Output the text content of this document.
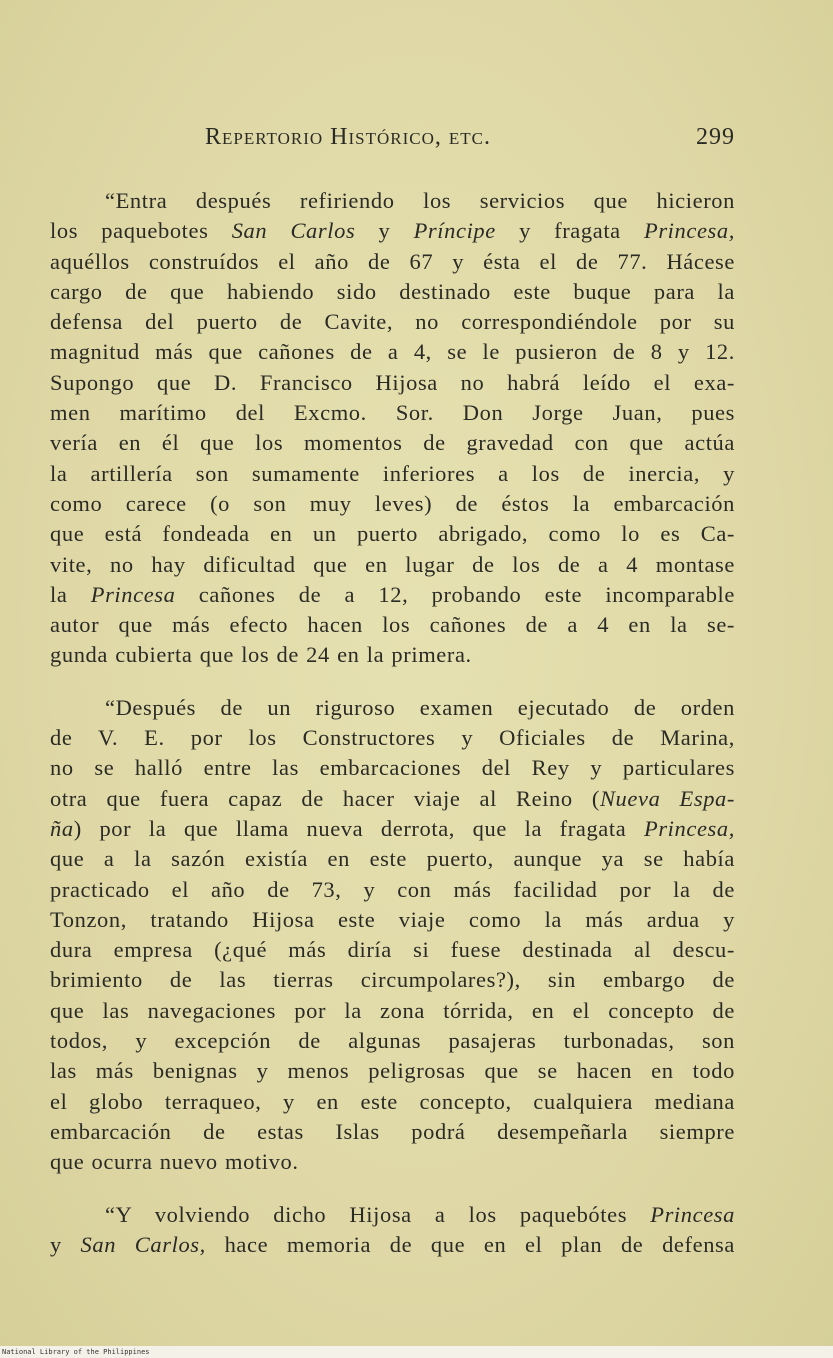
Repertorio Histórico, etc.	299
“Entra después refiriendo los servicios que hicieron
los paquebotes San Carlos y Príncipe y fragata Princesa,
aquéllos construídos el año de 67 y ésta el de 77. Hácese
cargo de que habiendo sido destinado este buque para la
defensa del puerto de Cavite, no correspondiéndole por su
magnitud más que cañones de a 4, se le pusieron de 8 y 12.
Supongo que D. Francisco Hijosa no habrá leído el exa-
men marítimo del Excmo. Sor. Don Jorge Juan, pues
vería en él que los momentos de gravedad con que actúa
la artillería son sumamente inferiores a los de inercia, y
como carece (o son muy leves) de éstos la embarcación
que está fondeada en un puerto abrigado, como lo es Ca-
vite, no hay dificultad que en lugar de los de a 4 montase
la Princesa cañones de a 12, probando este incomparable
autor que más efecto hacen los cañones de a 4 en la se-
gunda cubierta que los de 24 en la primera.
“Después de un riguroso examen ejecutado de orden
de V. E. por los Constructores y Oficiales de Marina,
no se halló entre las embarcaciones del Rey y particulares
otra que fuera capaz de hacer viaje al Reino (Nueva Espa-
ña) por la que llama nueva derrota, que la fragata Princesa,
que a la sazón existía en este puerto, aunque ya se había
practicado el año de 73, y con más facilidad por la de
Tonzon, tratando Hijosa este viaje como la más ardua y
dura empresa (¿qué más diría si fuese destinada al descu-
brimiento de las tierras circumpolares?), sin embargo de
que las navegaciones por la zona tórrida, en el concepto de
todos, y excepción de algunas pasajeras turbonadas, son
las más benignas y menos peligrosas que se hacen en todo
el globo terraqueo, y en este concepto, cualquiera mediana
embarcación de estas Islas podrá desempeñarla siempre
que ocurra nuevo motivo.
“Y volviendo dicho Hijosa a los paquebótes Princesa
y San Carlos, hace memoria de que en el plan de defensa
National Library of the Philippines
